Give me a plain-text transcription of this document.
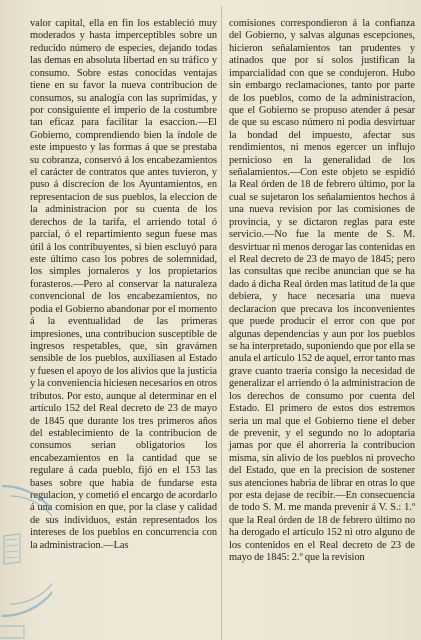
valor capital, ella en fin los estableció muy moderados y hasta imperceptibles sobre un reducido número de especies, dejando todas las demas en absoluta libertad en su tráfico y consumo. Sobre estas conocidas ventajas tiene en su favor la nueva contribucion de consumos, su analogía con las suprimidas, y por consiguiente el imperio de la costumbre tan eficaz para facilitar la esaccion.—El Gobierno, comprendiendo bien la índole de este impuesto y las formas á que se prestaba su cobranza, conservó á los encabezamientos el carácter de contratos que antes tuvieron, y puso á discrecion de los Ayuntamientos, en representacion de sus pueblos, la eleccion de la administracion por su cuenta de los derechos de la tarifa, el arriendo total ó parcial, ó el repartimiento segun fuese mas útil á los contribuyentes, si bien escluyó para este último caso los pobres de solemnidad, los simples jornaleros y los propietarios forasteros.—Pero al conservar la naturaleza convencional de los encabezamientos, no podia el Gobierno abandonar por el momento á la eventualidad de las primeras impresiones, una contribucion susceptible de ingresos respetables, que, sin gravámen sensible de los pueblos, auxiliasen al Estado y fuesen el apoyo de los alivios que la justicia y la conveniencia hiciesen necesarios en otros tributos. Por esto, aunque al determinar en el artículo 152 del Real decreto de 23 de mayo de 1845 que durante los tres primeros años del establecimiento de la contribucion de consumos serian obligatorios los encabezamientos en la cantidad que se regulare á cada pueblo, fijó en el 153 las bases sobre que habia de fundarse esta regulacion, y cometió el encargo de acordarlo á una comision en que, por la clase y calidad de sus individuos, están representados los intereses de los pueblos en concurrencia con la administracion.—Las

comisiones correspondieron á la confianza del Gobierno, y salvas algunas escepciones, hicieron señalamientos tan prudentes y atinados que por sí solos justifican la imparcialidad con que se condujeron. Hubo sin embargo reclamaciones, tanto por parte de los pueblos, como de la administracion, que el Gobierno se propuso atender á pesar de que su escaso número ni podia desvirtuar la bondad del impuesto, afectar sus rendimientos, ni menos egercer un influjo pernicioso en la generalidad de los señalamientos.—Con este objeto se espidió la Real órden de 18 de febrero último, por la cual se sujetaron los señalamientos hechos á una nueva revision por las comisiones de provincia, y se dictaron reglas para este servicio.—No fue la mente de S. M. desvirtuar ni menos derogar las contenidas en el Real decreto de 23 de mayo de 1845; pero las consultas que recibe anuncian que se ha dado á dicha Real órden mas latitud de la que debiera, y hace necesaria una nueva declaracion que precava los inconvenientes que puede producir el error con que por algunas dependencias y aun por los pueblos se ha interpretado, suponiendo que por ella se anula el artículo 152 de aquel, error tanto mas grave cuanto traeria consigo la necesidad de generalizar el arriendo ó la administracion de los derechos de consumo por cuenta del Estado. El primero de estos dos estremos seria un mal que el Gobierno tiene el deber de prevenir, y el segundo no lo adoptaria jamas por que él ahorreria la contribucion misma, sin alivio de los pueblos ni provecho del Estado, que en la precision de sostener sus atenciones habria de librar en otras lo que por esta dejase de recibir.—En consecuencia de todo S. M. me manda prevenir á V. S.: 1.º que la Real órden de 18 de febrero último no ha derogado el artículo 152 ni otro alguno de los contenidos en el Real decreto de 23 de mayo de 1845: 2.º que la revision
